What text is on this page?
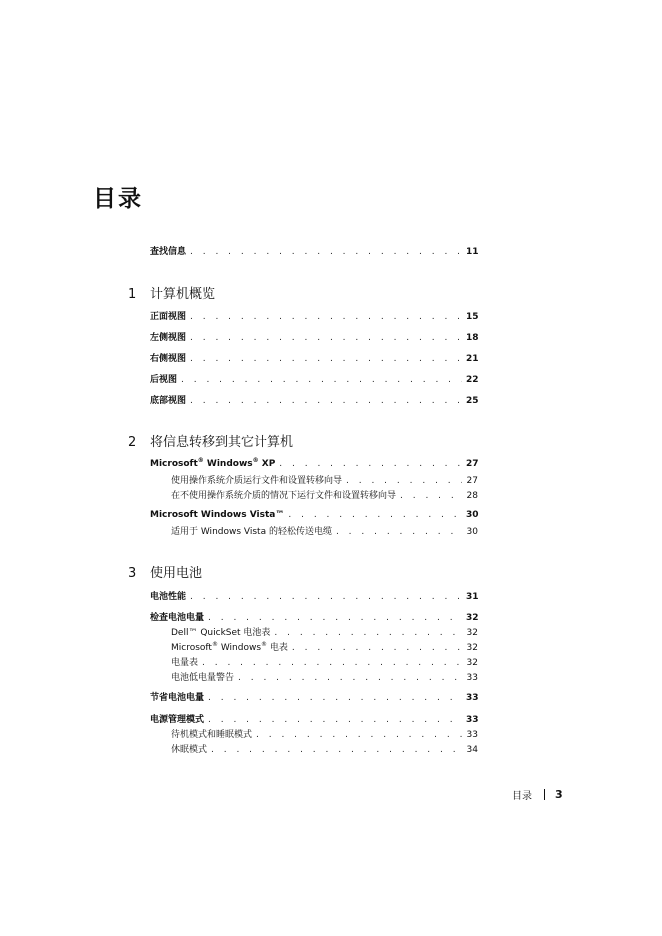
目录
查找信息 . . .	11
1	计算机概览
正面视图 . . .	15
左侧视图 . . .	18
右侧视图 . . .	21
后视图 . . .	22
底部视图 . . .	25
2	将信息转移到其它计算机
Microsoft® Windows® XP . . .	27
使用操作系统介质运行文件和设置转移向导 . . .	27
在不使用操作系统介质的情况下运行文件和设置转移向导 . . .	28
Microsoft Windows Vista™ . . .	30
适用于 Windows Vista 的轻松传送电缆 . . .	30
3	使用电池
电池性能 . . .	31
检查电池电量 . . .	32
Dell™ QuickSet 电池表 . . .	32
Microsoft® Windows® 电表 . . .	32
电量表 . . .	32
电池低电量警告 . . .	33
节省电池电量 . . .	33
电源管理模式 . . .	33
待机模式和睡眠模式 . . .	33
休眠模式 . . .	34
目录 3
